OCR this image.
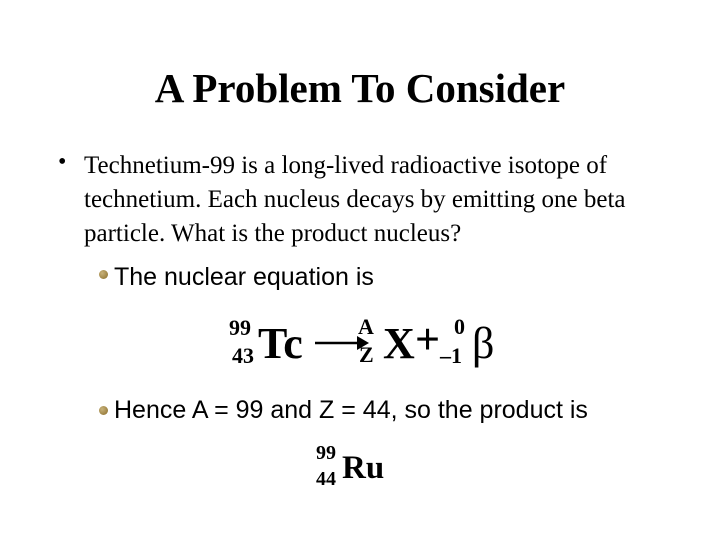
A Problem To Consider
• Technetium-99 is a long-lived radioactive isotope of technetium. Each nucleus decays by emitting one beta particle. What is the product nucleus?

The nuclear equation is
99
43 Tc →
A
Z X + 0
–1 β
Hence A = 99 and Z = 44, so the product is
99
44 Ru
